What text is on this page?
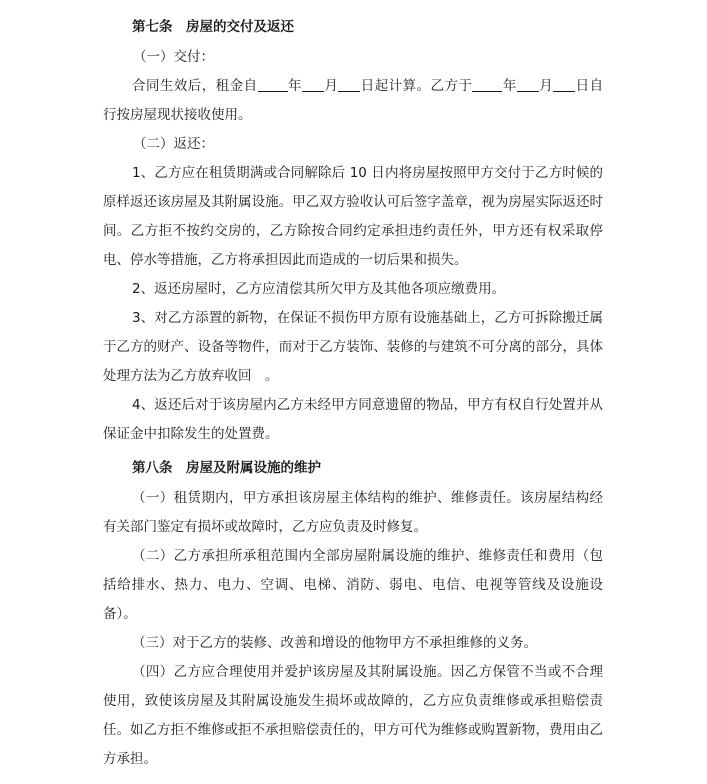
第七条　房屋的交付及返还

（一）交付：

合同生效后，租金自 年 月 日起计算。乙方于 年 月 日自行按房屋现状接收使用。

（二）返还：

1、乙方应在租赁期满或合同解除后 10 日内将房屋按照甲方交付于乙方时候的原样返还该房屋及其附属设施。甲乙双方验收认可后签字盖章，视为房屋实际返还时间。乙方拒不按约交房的，乙方除按合同约定承担违约责任外，甲方还有权采取停电、停水等措施，乙方将承担因此而造成的一切后果和损失。

2、返还房屋时，乙方应清偿其所欠甲方及其他各项应缴费用。

3、对乙方添置的新物，在保证不损伤甲方原有设施基础上，乙方可拆除搬迁属于乙方的财产、设备等物件，而对于乙方装饰、装修的与建筑不可分离的部分，具体处理方法为乙方放弃收回　。

4、返还后对于该房屋内乙方未经甲方同意遗留的物品，甲方有权自行处置并从保证金中扣除发生的处置费。

第八条　房屋及附属设施的维护

（一）租赁期内，甲方承担该房屋主体结构的维护、维修责任。该房屋结构经有关部门鉴定有损坏或故障时，乙方应负责及时修复。

（二）乙方承担所承租范围内全部房屋附属设施的维护、维修责任和费用（包括给排水、热力、电力、空调、电梯、消防、弱电、电信、电视等管线及设施设备）。

（三）对于乙方的装修、改善和增设的他物甲方不承担维修的义务。

（四）乙方应合理使用并爱护该房屋及其附属设施。因乙方保管不当或不合理使用，致使该房屋及其附属设施发生损坏或故障的，乙方应负责维修或承担赔偿责任。如乙方拒不维修或拒不承担赔偿责任的，甲方可代为维修或购置新物，费用由乙方承担。
